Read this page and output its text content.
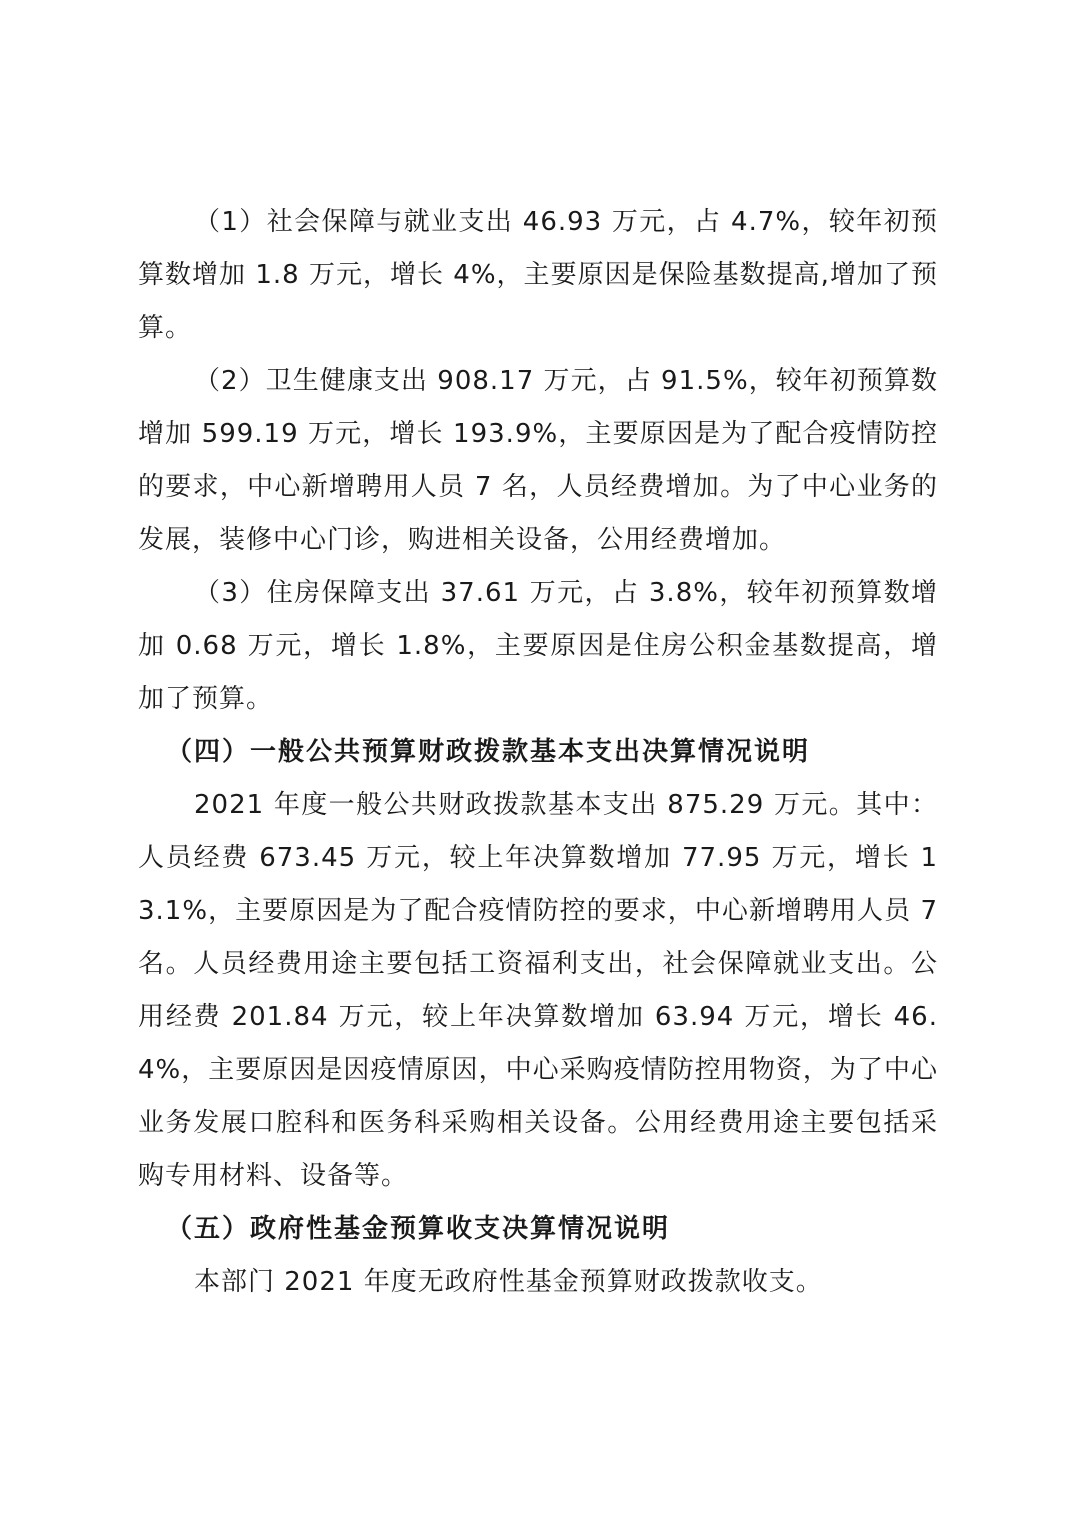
（1）社会保障与就业支出 46.93 万元，占 4.7%，较年初预算数增加 1.8 万元，增长 4%，主要原因是保险基数提高,增加了预算。

（2）卫生健康支出 908.17 万元，占 91.5%，较年初预算数增加 599.19 万元，增长 193.9%，主要原因是为了配合疫情防控的要求，中心新增聘用人员 7 名，人员经费增加。为了中心业务的发展，装修中心门诊，购进相关设备，公用经费增加。

（3）住房保障支出 37.61 万元，占 3.8%，较年初预算数增加 0.68 万元，增长 1.8%，主要原因是住房公积金基数提高，增加了预算。

（四）一般公共预算财政拨款基本支出决算情况说明

2021 年度一般公共财政拨款基本支出 875.29 万元。其中：人员经费 673.45 万元，较上年决算数增加 77.95 万元，增长 13.1%，主要原因是为了配合疫情防控的要求，中心新增聘用人员 7 名。人员经费用途主要包括工资福利支出，社会保障就业支出。公用经费 201.84 万元，较上年决算数增加 63.94 万元，增长 46.4%，主要原因是因疫情原因，中心采购疫情防控用物资，为了中心业务发展口腔科和医务科采购相关设备。公用经费用途主要包括采购专用材料、设备等。

（五）政府性基金预算收支决算情况说明

本部门 2021 年度无政府性基金预算财政拨款收支。
